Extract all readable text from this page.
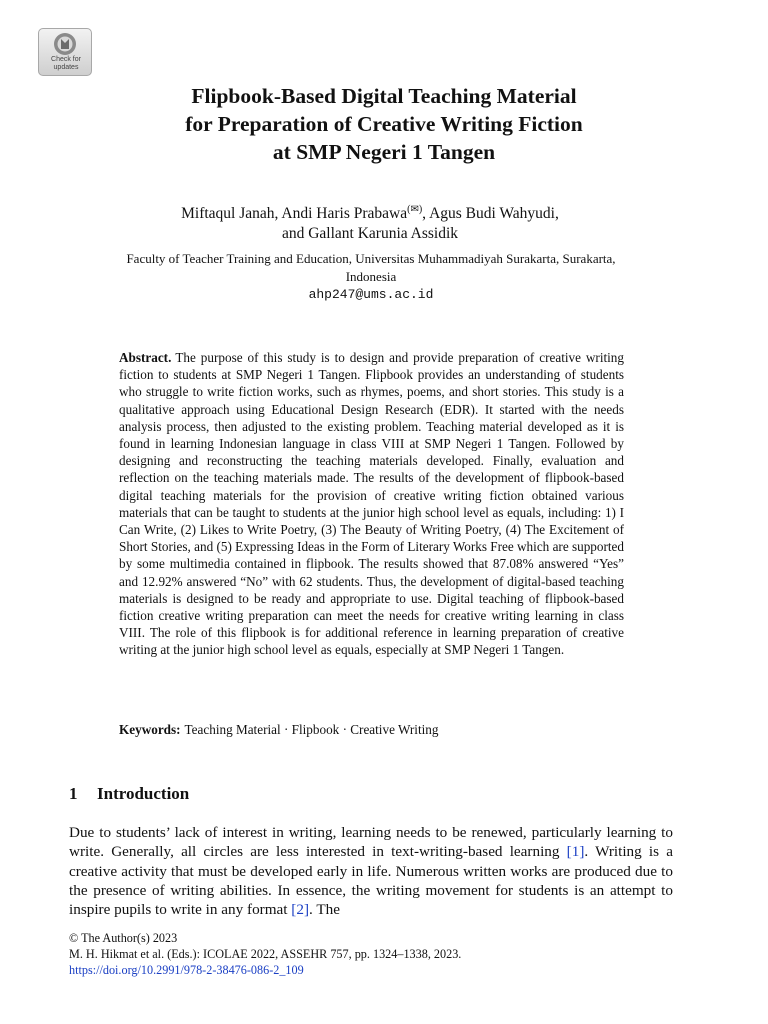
Check for
updates
Flipbook-Based Digital Teaching Material
for Preparation of Creative Writing Fiction
at SMP Negeri 1 Tangen
Miftaqul Janah, Andi Haris Prabawa(✉), Agus Budi Wahyudi,
and Gallant Karunia Assidik
Faculty of Teacher Training and Education, Universitas Muhammadiyah Surakarta, Surakarta,
Indonesia
ahp247@ums.ac.id

Abstract. The purpose of this study is to design and provide preparation of creative writing fiction to students at SMP Negeri 1 Tangen. Flipbook provides an understanding of students who struggle to write fiction works, such as rhymes, poems, and short stories. This study is a qualitative approach using Educational Design Research (EDR). It started with the needs analysis process, then adjusted to the existing problem. Teaching material developed as it is found in learning Indonesian language in class VIII at SMP Negeri 1 Tangen. Followed by designing and reconstructing the teaching materials developed. Finally, evaluation and reflection on the teaching materials made. The results of the development of flipbook-based digital teaching materials for the provision of creative writing fiction obtained various materials that can be taught to students at the junior high school level as equals, including: 1) I Can Write, (2) Likes to Write Poetry, (3) The Beauty of Writing Poetry, (4) The Excitement of Short Stories, and (5) Expressing Ideas in the Form of Literary Works Free which are supported by some multimedia contained in flipbook. The results showed that 87.08% answered “Yes” and 12.92% answered “No” with 62 students. Thus, the development of digital-based teaching materials is designed to be ready and appropriate to use. Digital teaching of flipbook-based fiction creative writing preparation can meet the needs for creative writing learning in class VIII. The role of this flipbook is for additional reference in learning preparation of creative writing at the junior high school level as equals, especially at SMP Negeri 1 Tangen.

Keywords: Teaching Material · Flipbook · Creative Writing

1 Introduction

Due to students’ lack of interest in writing, learning needs to be renewed, particularly learning to write. Generally, all circles are less interested in text-writing-based learning [1]. Writing is a creative activity that must be developed early in life. Numerous written works are produced due to the presence of writing abilities. In essence, the writing movement for students is an attempt to inspire pupils to write in any format [2]. The

© The Author(s) 2023
M. H. Hikmat et al. (Eds.): ICOLAE 2022, ASSEHR 757, pp. 1324–1338, 2023.
https://doi.org/10.2991/978-2-38476-086-2_109
